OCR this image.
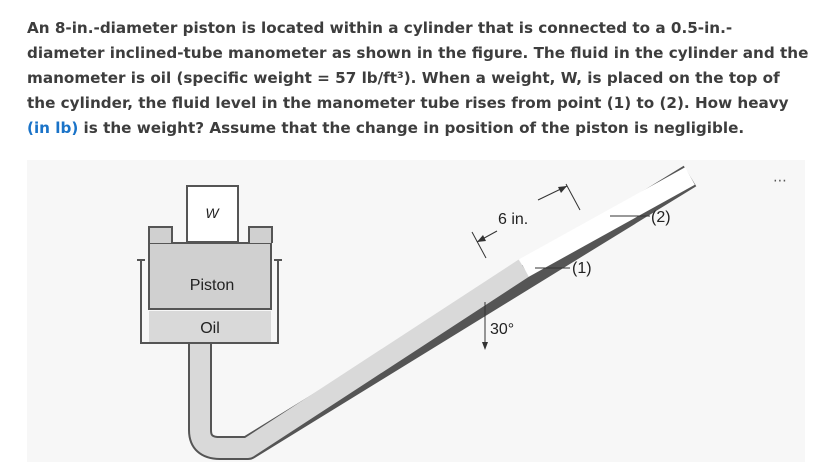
An 8-in.-diameter piston is located within a cylinder that is connected to a 0.5-in.-diameter inclined-tube manometer as shown in the figure. The fluid in the cylinder and the manometer is oil (specific weight = 57 lb/ft³). When a weight, W, is placed on the top of the cylinder, the fluid level in the manometer tube rises from point (1) to (2). How heavy (in lb) is the weight? Assume that the change in position of the piston is negligible.
⋯
W
Piston
Oil
6 in.	(2)
(1)
30°
